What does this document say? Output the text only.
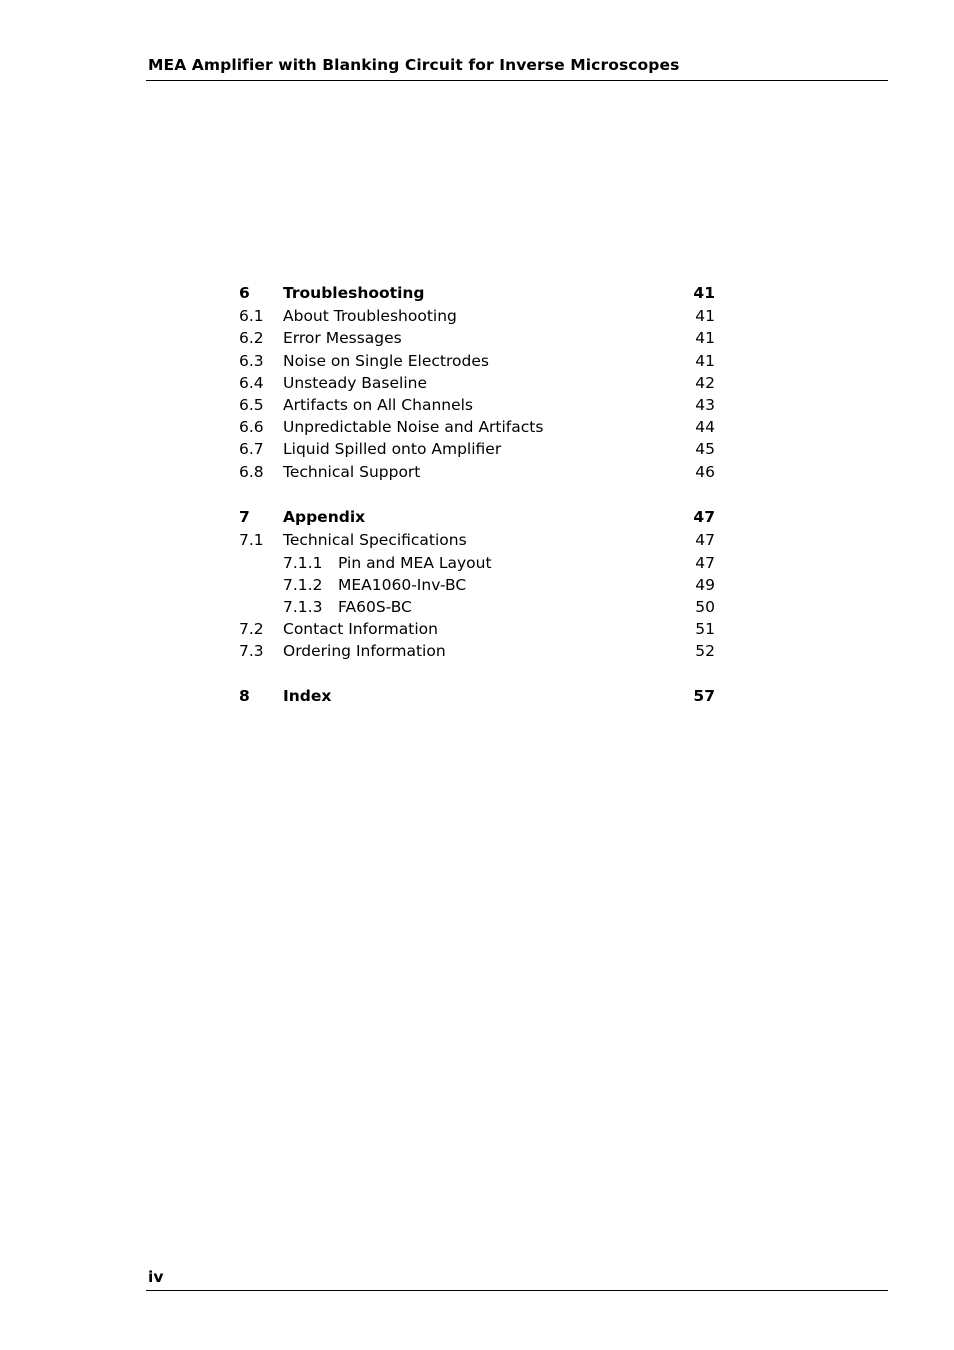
MEA Amplifier with Blanking Circuit for Inverse Microscopes
6 Troubleshooting	41
6.1 About Troubleshooting	41
6.2 Error Messages	41
6.3 Noise on Single Electrodes	41
6.4 Unsteady Baseline	42
6.5 Artifacts on All Channels	43
6.6 Unpredictable Noise and Artifacts	44
6.7 Liquid Spilled onto Amplifier	45
6.8 Technical Support	46
7 Appendix	47
7.1 Technical Specifications	47
7.1.1 Pin and MEA Layout	47
7.1.2 MEA1060-Inv-BC	49
7.1.3 FA60S-BC	50
7.2 Contact Information	51
7.3 Ordering Information	52
8 Index	57
iv
